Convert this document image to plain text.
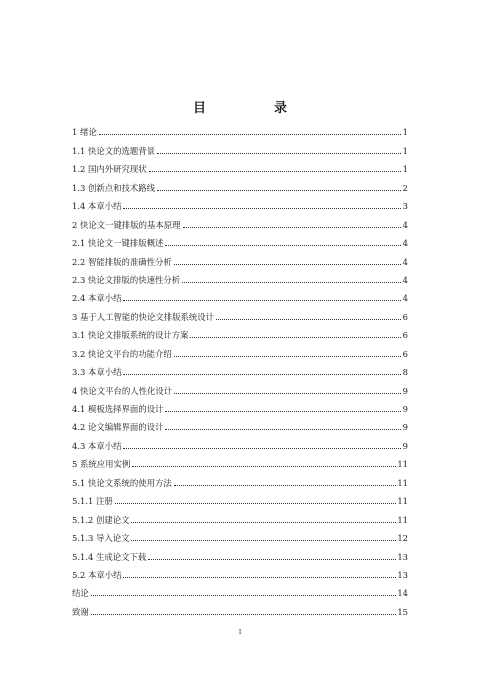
目　　录
1 绪论	1
1.1 快论文的选题背景	1
1.2 国内外研究现状	1
1.3 创新点和技术路线	2
1.4 本章小结	3
2 快论文一键排版的基本原理	4
2.1 快论文一键排版概述	4
2.2 智能排版的准确性分析	4
2.3 快论文排版的快速性分析	4
2.4 本章小结	4
3 基于人工智能的快论文排版系统设计	6
3.1 快论文排版系统的设计方案	6
3.2 快论文平台的功能介绍	6
3.3 本章小结	8
4 快论文平台的人性化设计	9
4.1 模板选择界面的设计	9
4.2 论文编辑界面的设计	9
4.3 本章小结	9
5 系统应用实例	11
5.1 快论文系统的使用方法	11
5.1.1 注册	11
5.1.2 创建论文	11
5.1.3 导入论文	12
5.1.4 生成论文下载	13
5.2 本章小结	13
结论	14
致谢	15
I
